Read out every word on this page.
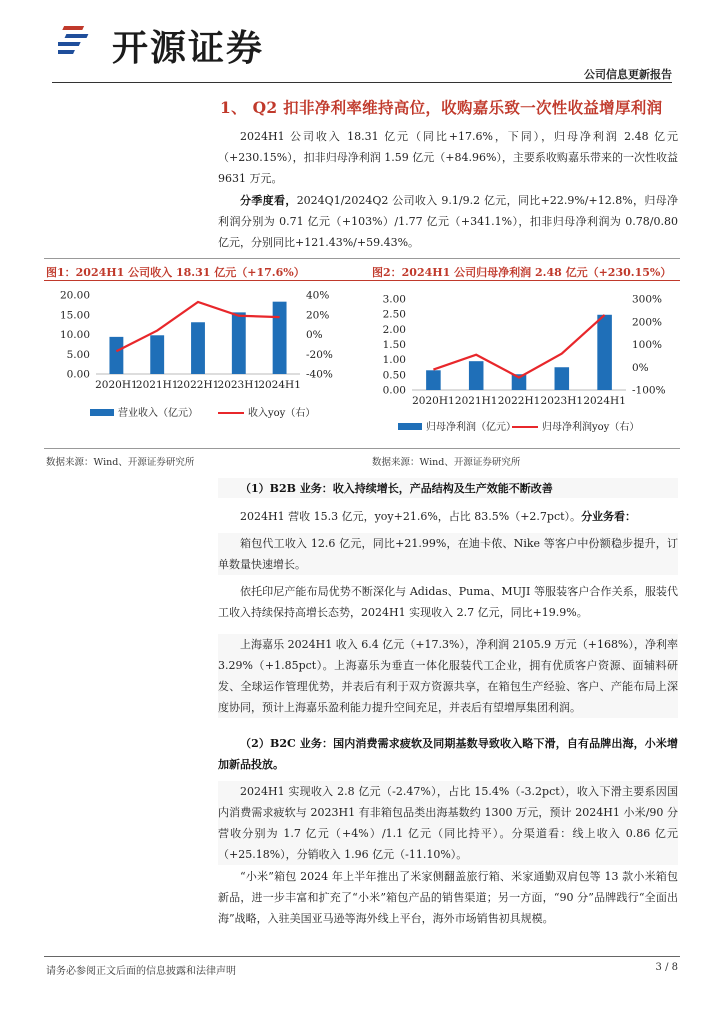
开源证券
公司信息更新报告
1、 Q2 扣非净利率维持高位，收购嘉乐致一次性收益增厚利润
2024H1 公司收入 18.31 亿元（同比+17.6%，下同），归母净利润 2.48 亿元（+230.15%），扣非归母净利润 1.59 亿元（+84.96%），主要系收购嘉乐带来的一次性收益 9631 万元。
分季度看，2024Q1/2024Q2 公司收入 9.1/9.2 亿元，同比+22.9%/+12.8%，归母净利润分别为 0.71 亿元（+103%）/1.77 亿元（+341.1%），扣非归母净利润为 0.78/0.80 亿元，分别同比+121.43%/+59.43%。
图1：2024H1 公司收入 18.31 亿元（+17.6%）	图2：2024H1 公司归母净利润 2.48 亿元（+230.15%）
20.00
15.00
10.00
5.00
0.00
40%
20%
0%
-20%
-40%
2020H1
2021H1
2022H1
2023H1
2024H1
营业收入（亿元）	收入yoy（右）
3.00
2.50
2.00
1.50
1.00
0.50
0.00
300%
200%
100%
0%
-100%
2020H1 2021H1 2022H1 2023H1 2024H1
归母净利润（亿元）	归母净利润yoy（右）
数据来源：Wind、开源证券研究所	数据来源：Wind、开源证券研究所
（1）B2B 业务：收入持续增长，产品结构及生产效能不断改善
2024H1 营收 15.3 亿元，yoy+21.6%，占比 83.5%（+2.7pct）。分业务看：
箱包代工收入 12.6 亿元，同比+21.99%，在迪卡侬、Nike 等客户中份额稳步提升，订单数量快速增长。
依托印尼产能布局优势不断深化与 Adidas、Puma、MUJI 等服装客户合作关系，服装代工收入持续保持高增长态势，2024H1 实现收入 2.7 亿元，同比+19.9%。
上海嘉乐 2024H1 收入 6.4 亿元（+17.3%），净利润 2105.9 万元（+168%），净利率 3.29%（+1.85pct）。上海嘉乐为垂直一体化服装代工企业，拥有优质客户资源、面辅料研发、全球运作管理优势，并表后有利于双方资源共享，在箱包生产经验、客户、产能布局上深度协同，预计上海嘉乐盈利能力提升空间充足，并表后有望增厚集团利润。
（2）B2C 业务：国内消费需求疲软及同期基数导致收入略下滑，自有品牌出海，小米增加新品投放。
2024H1 实现收入 2.8 亿元（-2.47%），占比 15.4%（-3.2pct），收入下滑主要系因国内消费需求疲软与 2023H1 有非箱包品类出海基数约 1300 万元，预计 2024H1 小米/90 分营收分别为 1.7 亿元（+4%）/1.1 亿元（同比持平）。分渠道看：线上收入 0.86 亿元（+25.18%），分销收入 1.96 亿元（-11.10%）。
“小米”箱包 2024 年上半年推出了米家侧翻盖旅行箱、米家通勤双肩包等 13 款小米箱包新品，进一步丰富和扩充了“小米”箱包产品的销售渠道；另一方面，“90 分”品牌践行“全面出海”战略，入驻美国亚马逊等海外线上平台，海外市场销售初具规模。
请务必参阅正文后面的信息披露和法律声明	3 / 8
